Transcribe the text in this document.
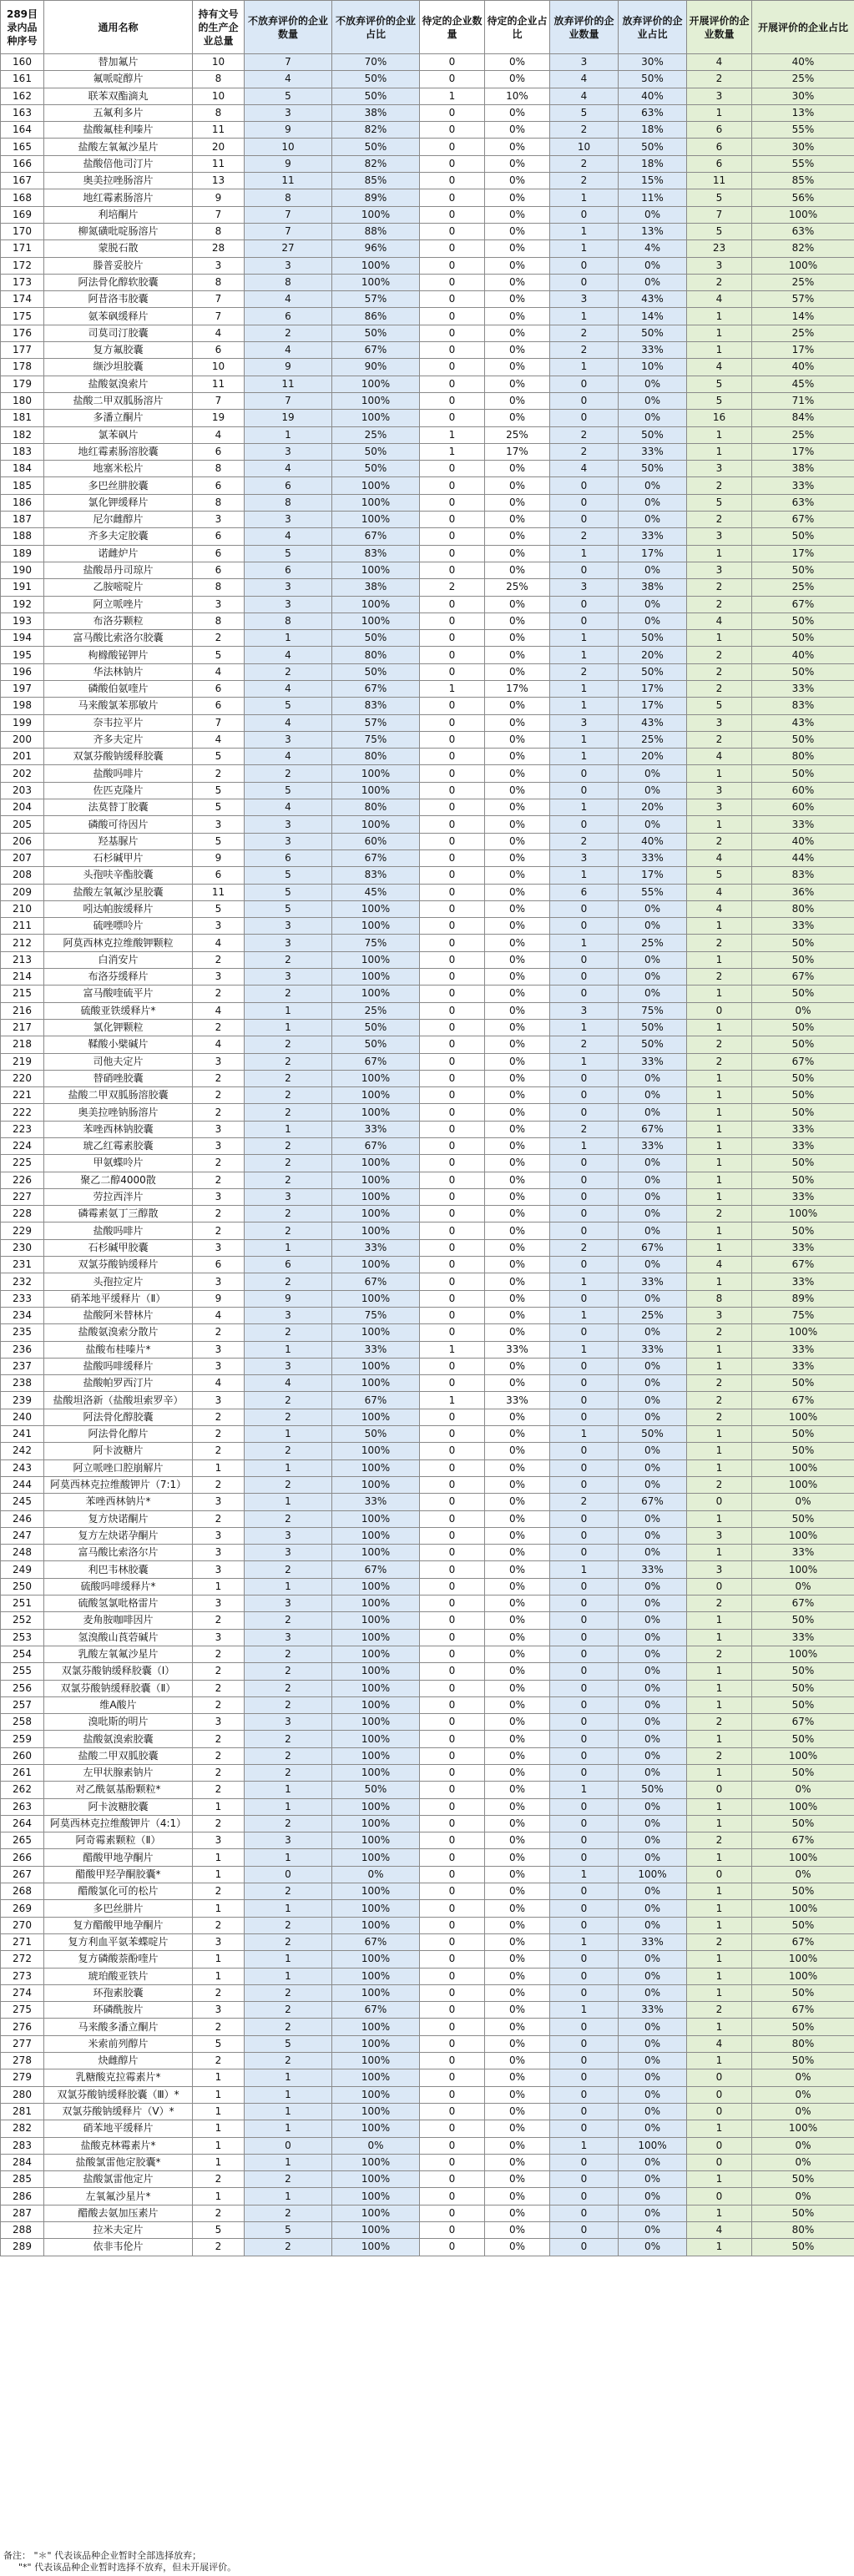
289目录内品种序号	通用名称	持有文号的生产企业总量	不放弃评价的企业数量	不放弃评价的企业占比	待定的企业数量	待定的企业占比	放弃评价的企业数量	放弃评价的企业占比	开展评价的企业数量	开展评价的企业占比
160	替加氟片	10	7	70%	0	0%	3	30%	4	40%
161	氟哌啶醇片	8	4	50%	0	0%	4	50%	2	25%
162	联苯双酯滴丸	10	5	50%	1	10%	4	40%	3	30%
163	五氟利多片	8	3	38%	0	0%	5	63%	1	13%
164	盐酸氟桂利嗪片	11	9	82%	0	0%	2	18%	6	55%
165	盐酸左氧氟沙星片	20	10	50%	0	0%	10	50%	6	30%
166	盐酸倍他司汀片	11	9	82%	0	0%	2	18%	6	55%
167	奥美拉唑肠溶片	13	11	85%	0	0%	2	15%	11	85%
168	地红霉素肠溶片	9	8	89%	0	0%	1	11%	5	56%
169	利培酮片	7	7	100%	0	0%	0	0%	7	100%
170	柳氮磺吡啶肠溶片	8	7	88%	0	0%	1	13%	5	63%
171	蒙脱石散	28	27	96%	0	0%	1	4%	23	82%
172	滕普妥胶片	3	3	100%	0	0%	0	0%	3	100%
173	阿法骨化醇软胶囊	8	8	100%	0	0%	0	0%	2	25%
174	阿昔洛韦胶囊	7	4	57%	0	0%	3	43%	4	57%
175	氨苯砜缓释片	7	6	86%	0	0%	1	14%	1	14%
176	司莫司汀胶囊	4	2	50%	0	0%	2	50%	1	25%
177	复方氟胶囊	6	4	67%	0	0%	2	33%	1	17%
178	缬沙坦胶囊	10	9	90%	0	0%	1	10%	4	40%
179	盐酸氨溴索片	11	11	100%	0	0%	0	0%	5	45%
180	盐酸二甲双胍肠溶片	7	7	100%	0	0%	0	0%	5	71%
181	多潘立酮片	19	19	100%	0	0%	0	0%	16	84%
182	氯苯砜片	4	1	25%	1	25%	2	50%	1	25%
183	地红霉素肠溶胶囊	6	3	50%	1	17%	2	33%	1	17%
184	地塞米松片	8	4	50%	0	0%	4	50%	3	38%
185	多巴丝肼胶囊	6	6	100%	0	0%	0	0%	2	33%
186	氯化钾缓释片	8	8	100%	0	0%	0	0%	5	63%
187	尼尔雌醇片	3	3	100%	0	0%	0	0%	2	67%
188	齐多夫定胶囊	6	4	67%	0	0%	2	33%	3	50%
189	诺雌炉片	6	5	83%	0	0%	1	17%	1	17%
190	盐酸昂丹司琼片	6	6	100%	0	0%	0	0%	3	50%
191	乙胺嘧啶片	8	3	38%	2	25%	3	38%	2	25%
192	阿立哌唑片	3	3	100%	0	0%	0	0%	2	67%
193	布洛芬颗粒	8	8	100%	0	0%	0	0%	4	50%
194	富马酸比索洛尔胶囊	2	1	50%	0	0%	1	50%	1	50%
195	枸橼酸铋钾片	5	4	80%	0	0%	1	20%	2	40%
196	华法林钠片	4	2	50%	0	0%	2	50%	2	50%
197	磷酸伯氨喹片	6	4	67%	1	17%	1	17%	2	33%
198	马来酸氯苯那敏片	6	5	83%	0	0%	1	17%	5	83%
199	奈韦拉平片	7	4	57%	0	0%	3	43%	3	43%
200	齐多夫定片	4	3	75%	0	0%	1	25%	2	50%
201	双氯芬酸钠缓释胶囊	5	4	80%	0	0%	1	20%	4	80%
202	盐酸吗啡片	2	2	100%	0	0%	0	0%	1	50%
203	佐匹克隆片	5	5	100%	0	0%	0	0%	3	60%
204	法莫替丁胶囊	5	4	80%	0	0%	1	20%	3	60%
205	磷酸可待因片	3	3	100%	0	0%	0	0%	1	33%
206	羟基脲片	5	3	60%	0	0%	2	40%	2	40%
207	石杉碱甲片	9	6	67%	0	0%	3	33%	4	44%
208	头孢呋辛酯胶囊	6	5	83%	0	0%	1	17%	5	83%
209	盐酸左氧氟沙星胶囊	11	5	45%	0	0%	6	55%	4	36%
210	吲达帕胺缓释片	5	5	100%	0	0%	0	0%	4	80%
211	硫唑嘌呤片	3	3	100%	0	0%	0	0%	1	33%
212	阿莫西林克拉维酸钾颗粒	4	3	75%	0	0%	1	25%	2	50%
213	白消安片	2	2	100%	0	0%	0	0%	1	50%
214	布洛芬缓释片	3	3	100%	0	0%	0	0%	2	67%
215	富马酸喹硫平片	2	2	100%	0	0%	0	0%	1	50%
216	硫酸亚铁缓释片*	4	1	25%	0	0%	3	75%	0	0%
217	氯化钾颗粒	2	1	50%	0	0%	1	50%	1	50%
218	鞣酸小檗碱片	4	2	50%	0	0%	2	50%	2	50%
219	司他夫定片	3	2	67%	0	0%	1	33%	2	67%
220	替硝唑胶囊	2	2	100%	0	0%	0	0%	1	50%
221	盐酸二甲双胍肠溶胶囊	2	2	100%	0	0%	0	0%	1	50%
222	奥美拉唑钠肠溶片	2	2	100%	0	0%	0	0%	1	50%
223	苯唑西林钠胶囊	3	1	33%	0	0%	2	67%	1	33%
224	琥乙红霉素胶囊	3	2	67%	0	0%	1	33%	1	33%
225	甲氨蝶呤片	2	2	100%	0	0%	0	0%	1	50%
226	聚乙二醇4000散	2	2	100%	0	0%	0	0%	1	50%
227	劳拉西泮片	3	3	100%	0	0%	0	0%	1	33%
228	磷霉素氨丁三醇散	2	2	100%	0	0%	0	0%	2	100%
229	盐酸吗啡片	2	2	100%	0	0%	0	0%	1	50%
230	石杉碱甲胶囊	3	1	33%	0	0%	2	67%	1	33%
231	双氯芬酸钠缓释片	6	6	100%	0	0%	0	0%	4	67%
232	头孢拉定片	3	2	67%	0	0%	1	33%	1	33%
233	硝苯地平缓释片（Ⅱ）	9	9	100%	0	0%	0	0%	8	89%
234	盐酸阿米替林片	4	3	75%	0	0%	1	25%	3	75%
235	盐酸氨溴索分散片	2	2	100%	0	0%	0	0%	2	100%
236	盐酸布桂嗪片*	3	1	33%	1	33%	1	33%	1	33%
237	盐酸吗啡缓释片	3	3	100%	0	0%	0	0%	1	33%
238	盐酸帕罗西汀片	4	4	100%	0	0%	0	0%	2	50%
239	盐酸坦洛新（盐酸坦索罗辛）	3	2	67%	1	33%	0	0%	2	67%
240	阿法骨化醇胶囊	2	2	100%	0	0%	0	0%	2	100%
241	阿法骨化醇片	2	1	50%	0	0%	1	50%	1	50%
242	阿卡波糖片	2	2	100%	0	0%	0	0%	1	50%
243	阿立哌唑口腔崩解片	1	1	100%	0	0%	0	0%	1	100%
244	阿莫西林克拉维酸钾片（7:1）	2	2	100%	0	0%	0	0%	2	100%
245	苯唑西林钠片*	3	1	33%	0	0%	2	67%	0	0%
246	复方炔诺酮片	2	2	100%	0	0%	0	0%	1	50%
247	复方左炔诺孕酮片	3	3	100%	0	0%	0	0%	3	100%
248	富马酸比索洛尔片	3	3	100%	0	0%	0	0%	1	33%
249	利巴韦林胶囊	3	2	67%	0	0%	1	33%	3	100%
250	硫酸吗啡缓释片*	1	1	100%	0	0%	0	0%	0	0%
251	硫酸氢氯吡格雷片	3	3	100%	0	0%	0	0%	2	67%
252	麦角胺咖啡因片	2	2	100%	0	0%	0	0%	1	50%
253	氢溴酸山莨菪碱片	3	3	100%	0	0%	0	0%	1	33%
254	乳酸左氧氟沙星片	2	2	100%	0	0%	0	0%	2	100%
255	双氯芬酸钠缓释胶囊（Ⅰ）	2	2	100%	0	0%	0	0%	1	50%
256	双氯芬酸钠缓释胶囊（Ⅱ）	2	2	100%	0	0%	0	0%	1	50%
257	维A酸片	2	2	100%	0	0%	0	0%	1	50%
258	溴吡斯的明片	3	3	100%	0	0%	0	0%	2	67%
259	盐酸氨溴索胶囊	2	2	100%	0	0%	0	0%	1	50%
260	盐酸二甲双胍胶囊	2	2	100%	0	0%	0	0%	2	100%
261	左甲状腺素钠片	2	2	100%	0	0%	0	0%	1	50%
262	对乙酰氨基酚颗粒*	2	1	50%	0	0%	1	50%	0	0%
263	阿卡波糖胶囊	1	1	100%	0	0%	0	0%	1	100%
264	阿莫西林克拉维酸钾片（4:1）	2	2	100%	0	0%	0	0%	1	50%
265	阿奇霉素颗粒（Ⅱ）	3	3	100%	0	0%	0	0%	2	67%
266	醋酸甲地孕酮片	1	1	100%	0	0%	0	0%	1	100%
267	醋酸甲羟孕酮胶囊*	1	0	0%	0	0%	1	100%	0	0%
268	醋酸氯化可的松片	2	2	100%	0	0%	0	0%	1	50%
269	多巴丝肼片	1	1	100%	0	0%	0	0%	1	100%
270	复方醋酸甲地孕酮片	2	2	100%	0	0%	0	0%	1	50%
271	复方利血平氨苯蝶啶片	3	2	67%	0	0%	1	33%	2	67%
272	复方磷酸萘酚喹片	1	1	100%	0	0%	0	0%	1	100%
273	琥珀酸亚铁片	1	1	100%	0	0%	0	0%	1	100%
274	环孢素胶囊	2	2	100%	0	0%	0	0%	1	50%
275	环磷酰胺片	3	2	67%	0	0%	1	33%	2	67%
276	马来酸多潘立酮片	2	2	100%	0	0%	0	0%	1	50%
277	米索前列醇片	5	5	100%	0	0%	0	0%	4	80%
278	炔雌醇片	2	2	100%	0	0%	0	0%	1	50%
279	乳糖酸克拉霉素片*	1	1	100%	0	0%	0	0%	0	0%
280	双氯芬酸钠缓释胶囊（Ⅲ）*	1	1	100%	0	0%	0	0%	0	0%
281	双氯芬酸钠缓释片（Ⅴ）*	1	1	100%	0	0%	0	0%	0	0%
282	硝苯地平缓释片	1	1	100%	0	0%	0	0%	1	100%
283	盐酸克林霉素片*	1	0	0%	0	0%	1	100%	0	0%
284	盐酸氯雷他定胶囊*	1	1	100%	0	0%	0	0%	0	0%
285	盐酸氯雷他定片	2	2	100%	0	0%	0	0%	1	50%
286	左氧氟沙星片*	1	1	100%	0	0%	0	0%	0	0%
287	醋酸去氨加压素片	2	2	100%	0	0%	0	0%	1	50%
288	拉米夫定片	5	5	100%	0	0%	0	0%	4	80%
289	依非韦伦片	2	2	100%	0	0%	0	0%	1	50%
备注： "＊" 代表该品种企业暂时全部选择放弃；
"*" 代表该品种企业暂时选择不放弃，但未开展评价。
